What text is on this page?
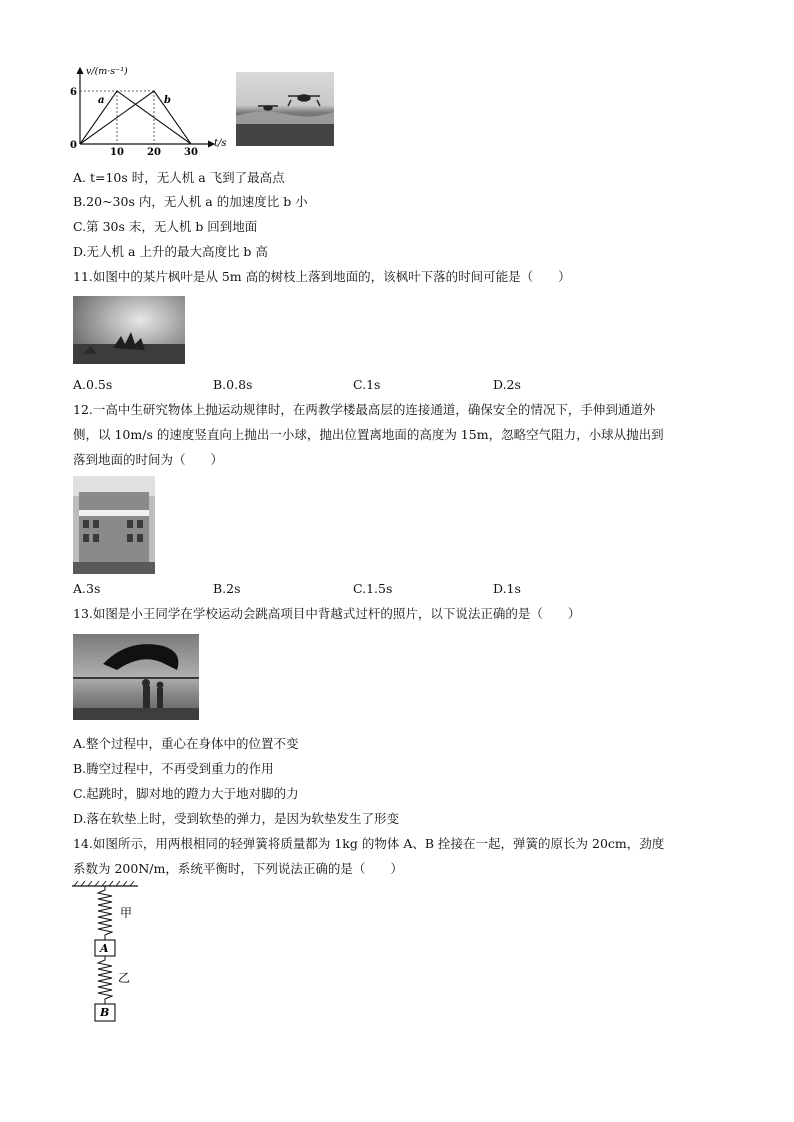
v/(m·s⁻¹)
6
0
10 20 30
t/s
a	b
A. t=10s 时，无人机 a 飞到了最高点
B.20~30s 内，无人机 a 的加速度比 b 小
C.第 30s 末，无人机 b 回到地面
D.无人机 a 上升的最大高度比 b 高
11.如图中的某片枫叶是从 5m 高的树枝上落到地面的，该枫叶下落的时间可能是（　　）
A.0.5s	B.0.8s	C.1s	D.2s
12.一高中生研究物体上抛运动规律时，在两教学楼最高层的连接通道，确保安全的情况下，手伸到通道外
侧，以 10m/s 的速度竖直向上抛出一小球，抛出位置离地面的高度为 15m，忽略空气阻力，小球从抛出到
落到地面的时间为（　　）
A.3s	B.2s	C.1.5s	D.1s
13.如图是小王同学在学校运动会跳高项目中背越式过杆的照片，以下说法正确的是（　　）
A.整个过程中，重心在身体中的位置不变
B.腾空过程中，不再受到重力的作用
C.起跳时，脚对地的蹬力大于地对脚的力
D.落在软垫上时，受到软垫的弹力，是因为软垫发生了形变
14.如图所示，用两根相同的轻弹簧将质量都为 1kg 的物体 A、B 拴接在一起，弹簧的原长为 20cm，劲度
系数为 200N/m，系统平衡时，下列说法正确的是（　　）
A
B
甲
乙
